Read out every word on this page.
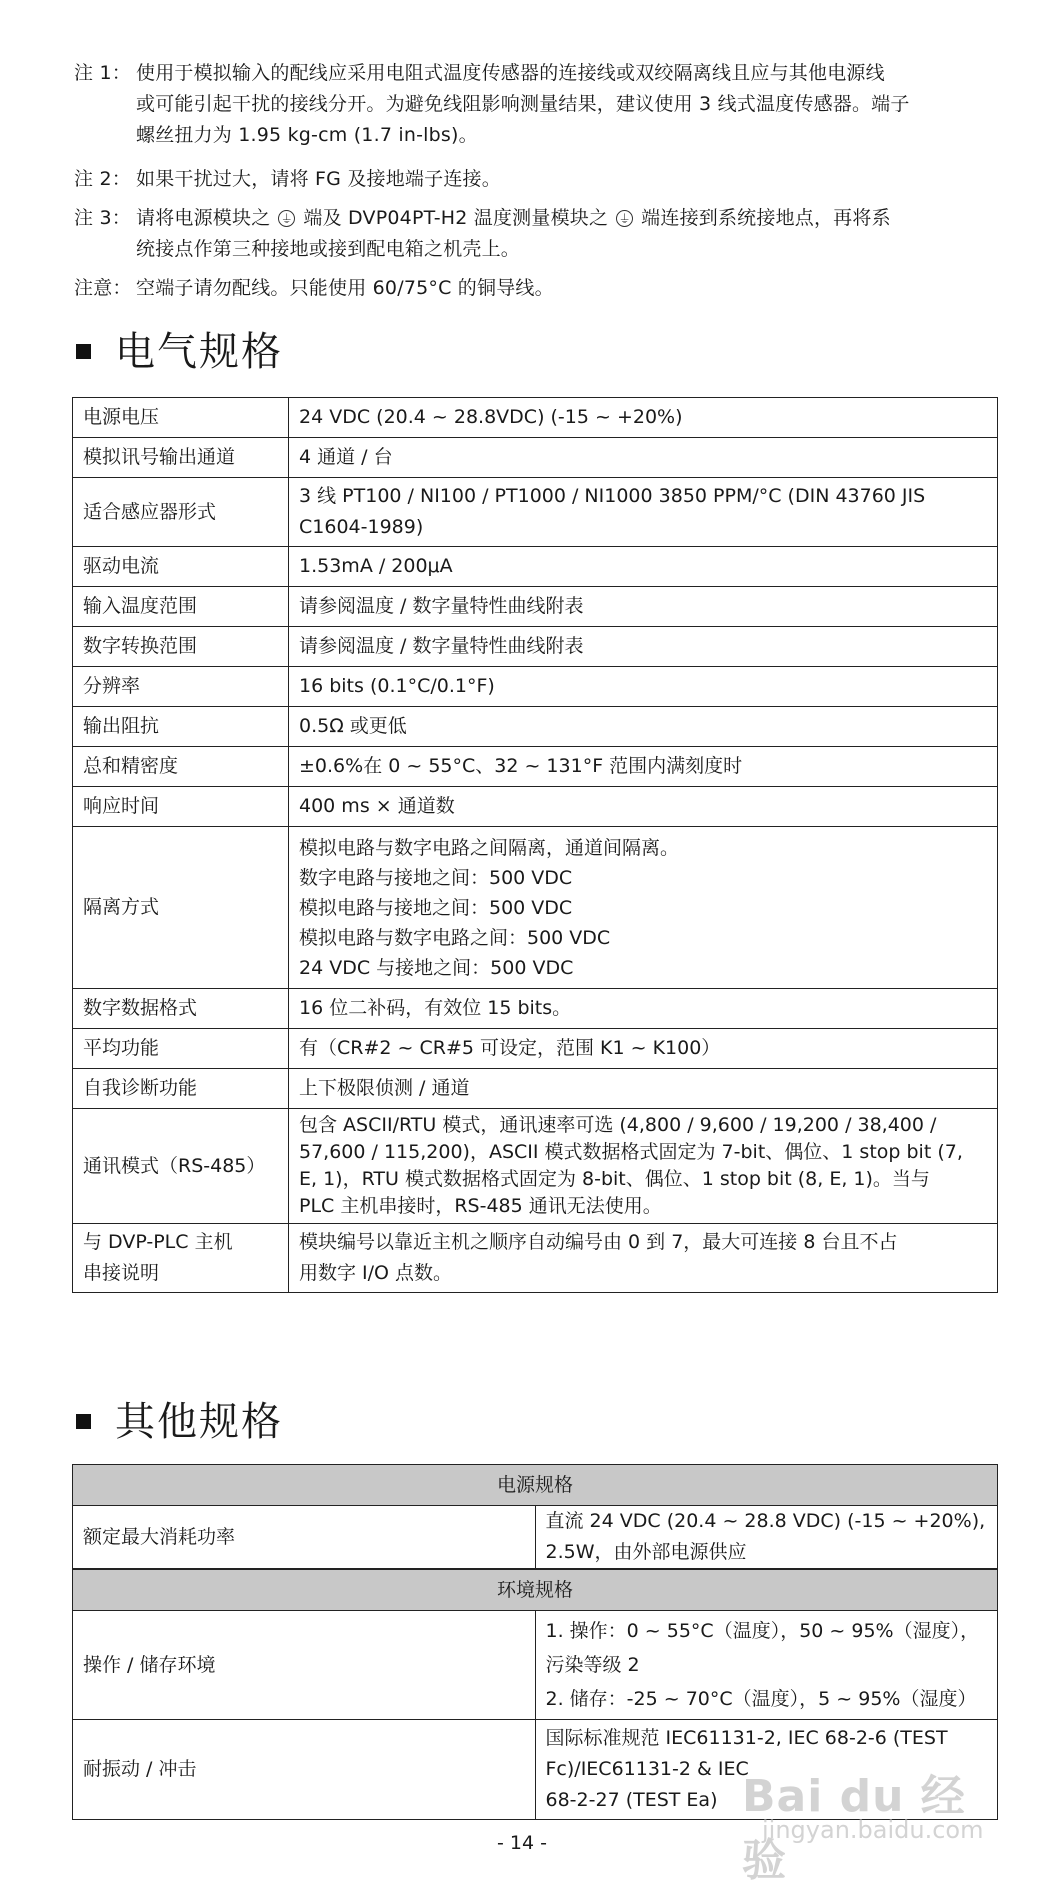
注 1： 使用于模拟输入的配线应采用电阻式温度传感器的连接线或双绞隔离线且应与其他电源线
或可能引起干扰的接线分开。为避免线阻影响测量结果，建议使用 3 线式温度传感器。端子
螺丝扭力为 1.95 kg-cm (1.7 in-lbs)。
注 2： 如果干扰过大，请将 FG 及接地端子连接。
注 3： 请将电源模块之 ⏚ 端及 DVP04PT-H2 温度测量模块之 ⏚ 端连接到系统接地点，再将系
统接点作第三种接地或接到配电箱之机壳上。
注意： 空端子请勿配线。只能使用 60/75°C 的铜导线。
电气规格
电源电压	24 VDC (20.4 ~ 28.8VDC) (-15 ~ +20%)

模拟讯号输出通道	4 通道 / 台

适合感应器形式	3 线 PT100 / NI100 / PT1000 / NI1000 3850 PPM/°C (DIN 43760 JIS
C1604-1989)

驱动电流	1.53mA / 200μA

输入温度范围	请参阅温度 / 数字量特性曲线附表

数字转换范围	请参阅温度 / 数字量特性曲线附表

分辨率	16 bits (0.1°C/0.1°F)

输出阻抗	0.5Ω 或更低

总和精密度	±0.6%在 0 ~ 55°C、32 ~ 131°F 范围内满刻度时

响应时间	400 ms × 通道数

隔离方式	模拟电路与数字电路之间隔离，通道间隔离。
数字电路与接地之间：500 VDC
模拟电路与接地之间：500 VDC
模拟电路与数字电路之间：500 VDC
24 VDC 与接地之间：500 VDC

数字数据格式	16 位二补码，有效位 15 bits。

平均功能	有（CR#2 ~ CR#5 可设定，范围 K1 ~ K100）

自我诊断功能	上下极限侦测 / 通道

通讯模式（RS-485）	包含 ASCII/RTU 模式，通讯速率可选 (4,800 / 9,600 / 19,200 / 38,400 /
57,600 / 115,200)，ASCII 模式数据格式固定为 7-bit、偶位、1 stop bit (7,
E, 1)，RTU 模式数据格式固定为 8-bit、偶位、1 stop bit (8, E, 1)。当与
PLC 主机串接时，RS-485 通讯无法使用。

与 DVP-PLC 主机
串接说明	模块编号以靠近主机之顺序自动编号由 0 到 7，最大可连接 8 台且不占
用数字 I/O 点数。
其他规格
电源规格
额定最大消耗功率	直流 24 VDC (20.4 ~ 28.8 VDC) (-15 ~ +20%), 2.5W，由外部电源供应
环境规格	
操作 / 储存环境	1. 操作：0 ~ 55°C（温度），50 ~ 95%（湿度），污染等级 2
2. 储存：-25 ~ 70°C（温度），5 ~ 95%（湿度）

耐振动 / 冲击	国际标准规范 IEC61131-2, IEC 68-2-6 (TEST Fc)/IEC61131-2 & IEC
68-2-27 (TEST Ea) Bai du 经验
jingyan.baidu.com
- 14 -
